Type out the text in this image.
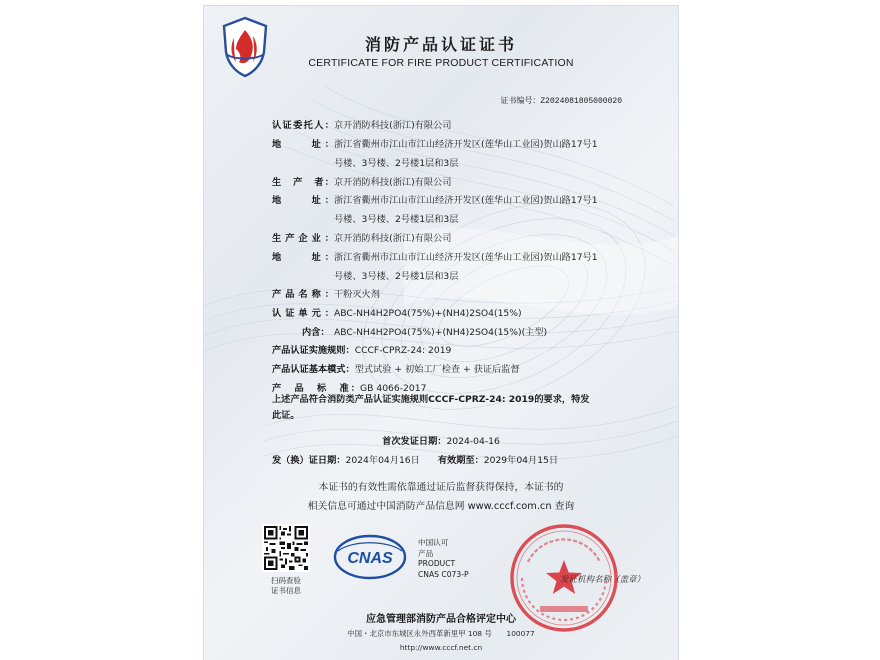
消防产品认证证书
CERTIFICATE FOR FIRE PRODUCT CERTIFICATION
证书编号：Z2024081805000020
认证委托人：京开消防科技(浙江)有限公司
地　　址：浙江省衢州市江山市江山经济开发区(莲华山工业园)贺山路17号1
号楼、3号楼、2号楼1层和3层
生　产　者：京开消防科技(浙江)有限公司
地　　址：浙江省衢州市江山市江山经济开发区(莲华山工业园)贺山路17号1
号楼、3号楼、2号楼1层和3层
生产企业：京开消防科技(浙江)有限公司
地　　址：浙江省衢州市江山市江山经济开发区(莲华山工业园)贺山路17号1
号楼、3号楼、2号楼1层和3层
产品名称：干粉灭火剂
认证单元：ABC-NH4H2PO4(75%)+(NH4)2SO4(15%)
内含： ABC-NH4H2PO4(75%)+(NH4)2SO4(15%)(主型)
产品认证实施规则：CCCF-CPRZ-24: 2019
产品认证基本模式：型式试验 + 初始工厂检查 + 获证后监督
产　品　标　准：GB 4066-2017
上述产品符合消防类产品认证实施规则CCCF-CPRZ-24: 2019的要求，特发
此证。
首次发证日期：2024-04-16
发（换）证日期：2024年04月16日 有效期至：2029年04月15日
本证书的有效性需依靠通过证后监督获得保持，本证书的
相关信息可通过中国消防产品信息网 www.cccf.com.cn 查询
扫码查验
证书信息
CNAS
中国认可
产品
PRODUCT
CNAS C073-P
发证机构名称（盖章）
应急管理部消防产品合格评定中心
中国・北京市东城区永外西革新里甲 108 号　　100077
http://www.cccf.net.cn
